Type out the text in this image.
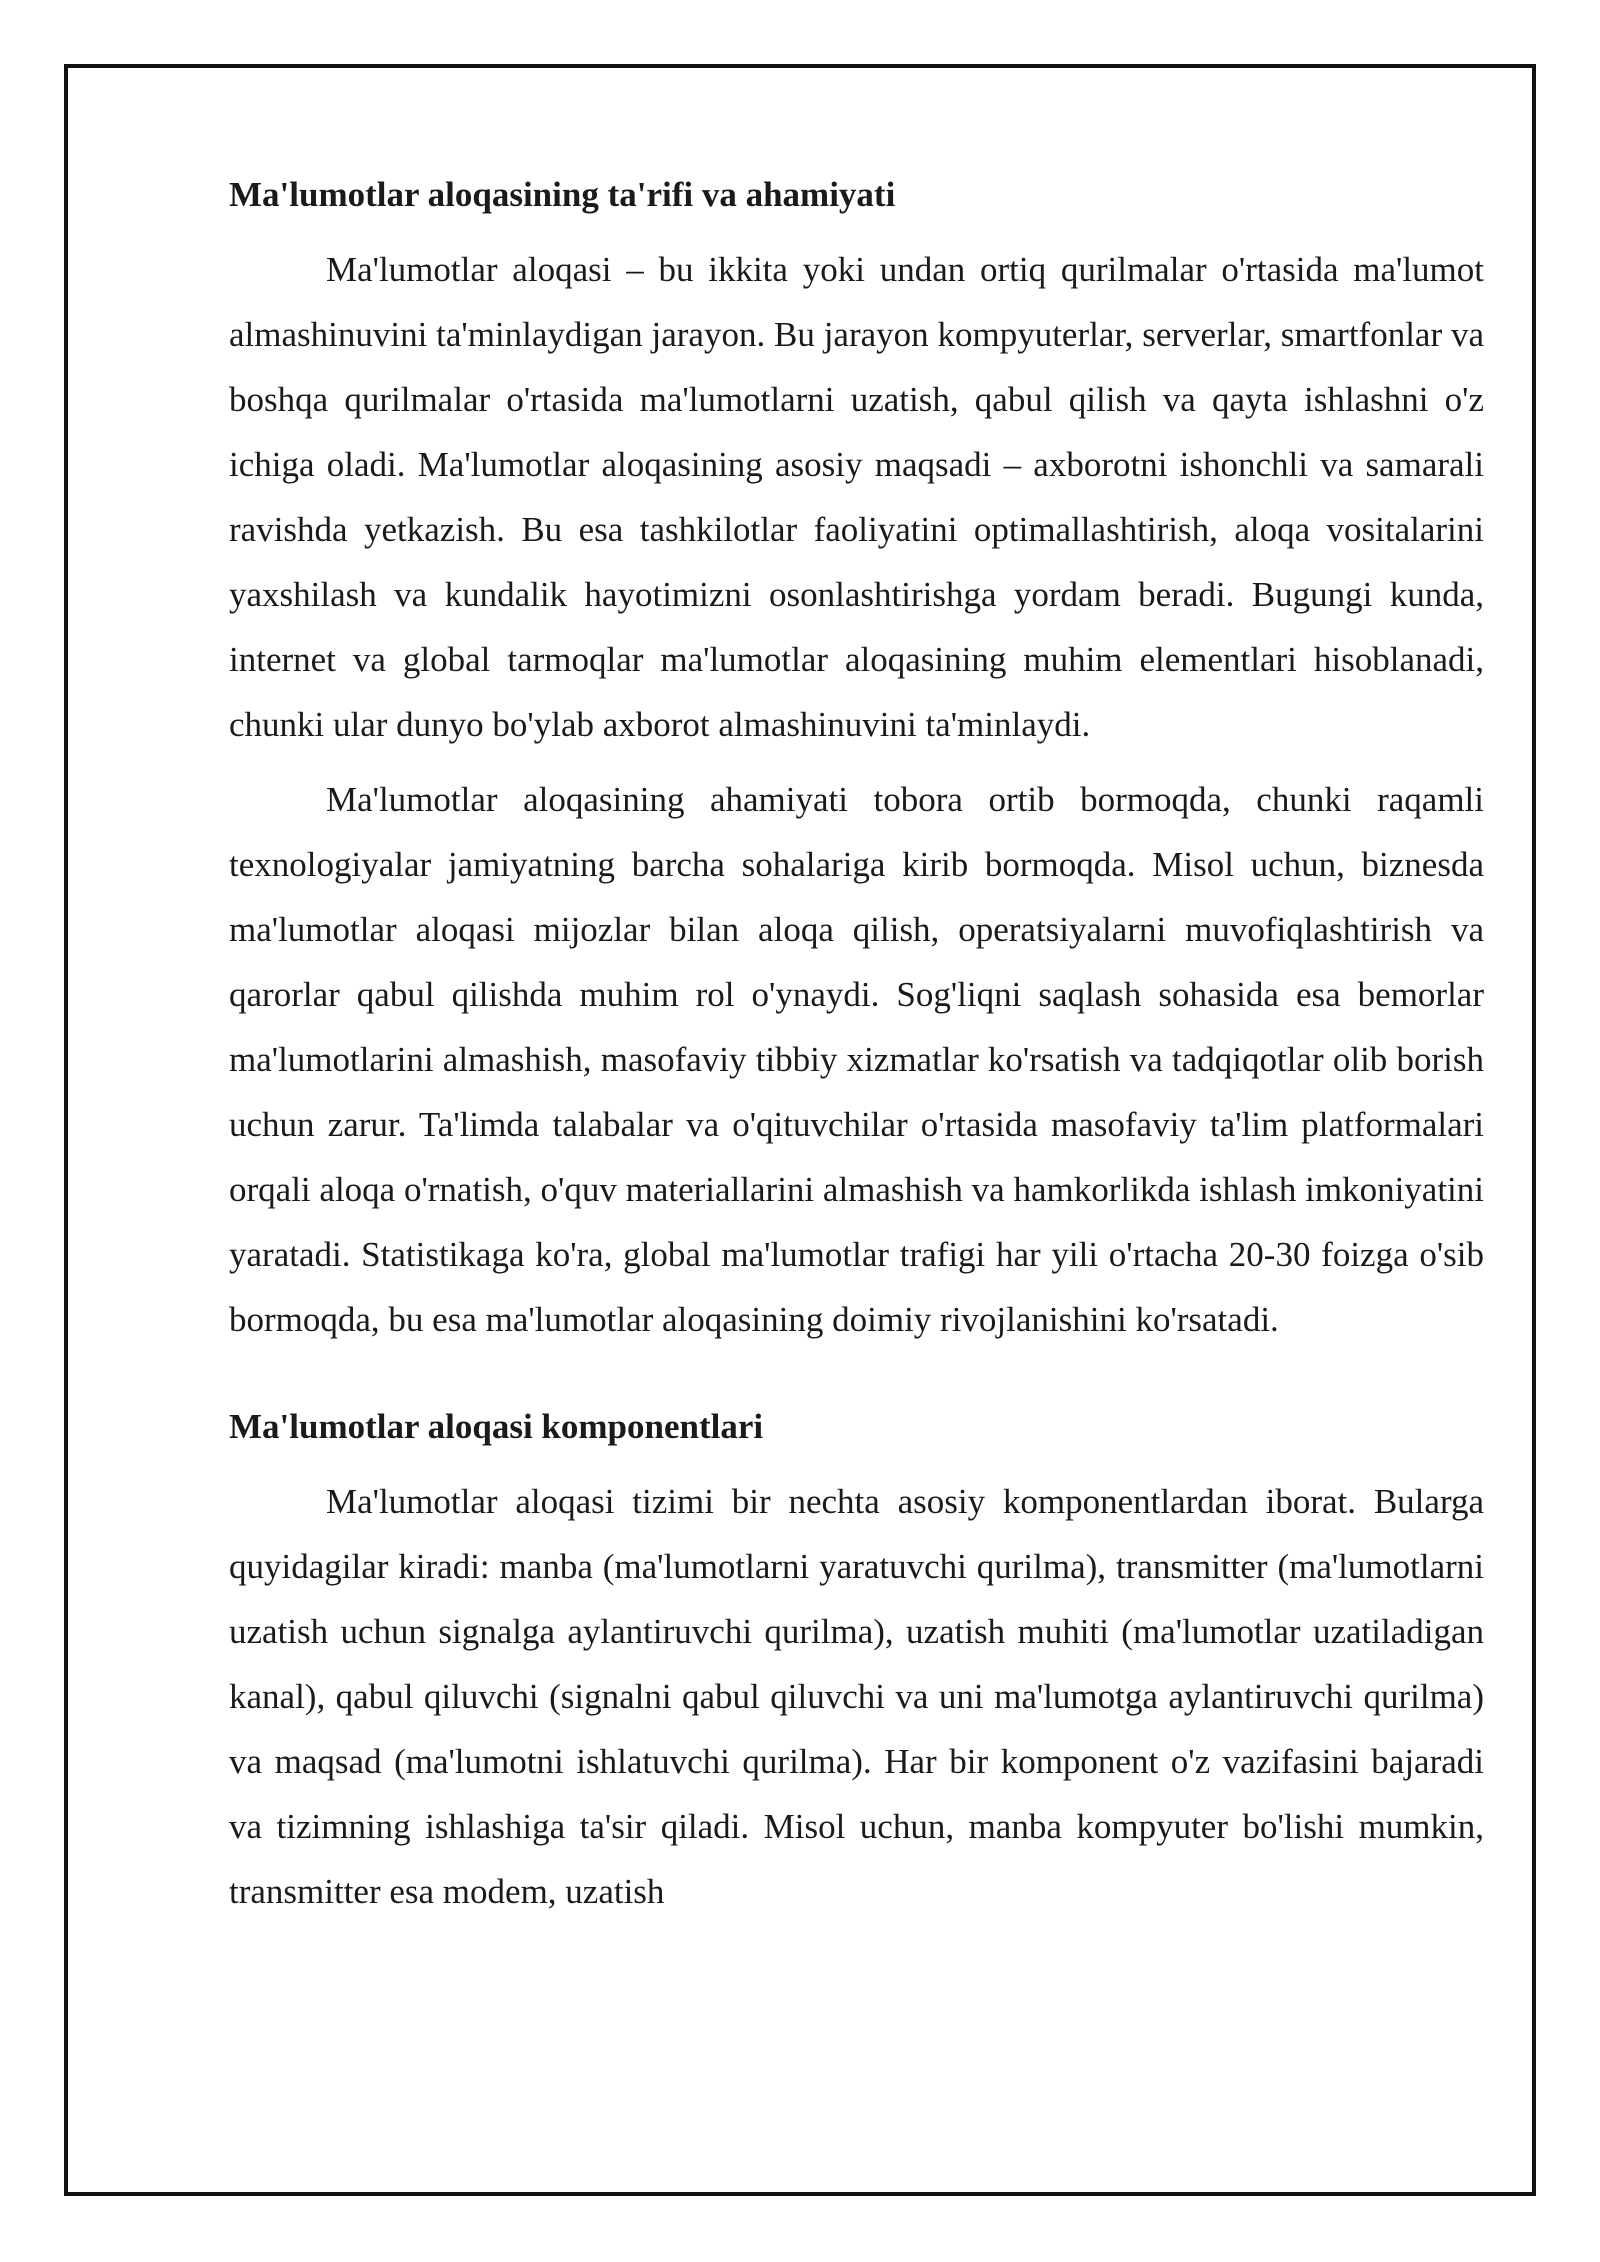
Ma'lumotlar aloqasining ta'rifi va ahamiyati

Ma'lumotlar aloqasi – bu ikkita yoki undan ortiq qurilmalar o'rtasida ma'lumot almashinuvini ta'minlaydigan jarayon. Bu jarayon kompyuterlar, serverlar, smartfonlar va boshqa qurilmalar o'rtasida ma'lumotlarni uzatish, qabul qilish va qayta ishlashni o'z ichiga oladi. Ma'lumotlar aloqasining asosiy maqsadi – axborotni ishonchli va samarali ravishda yetkazish. Bu esa tashkilotlar faoliyatini optimallashtirish, aloqa vositalarini yaxshilash va kundalik hayotimizni osonlashtirishga yordam beradi. Bugungi kunda, internet va global tarmoqlar ma'lumotlar aloqasining muhim elementlari hisoblanadi, chunki ular dunyo bo'ylab axborot almashinuvini ta'minlaydi.

Ma'lumotlar aloqasining ahamiyati tobora ortib bormoqda, chunki raqamli texnologiyalar jamiyatning barcha sohalariga kirib bormoqda. Misol uchun, biznesda ma'lumotlar aloqasi mijozlar bilan aloqa qilish, operatsiyalarni muvofiqlashtirish va qarorlar qabul qilishda muhim rol o'ynaydi. Sog'liqni saqlash sohasida esa bemorlar ma'lumotlarini almashish, masofaviy tibbiy xizmatlar ko'rsatish va tadqiqotlar olib borish uchun zarur. Ta'limda talabalar va o'qituvchilar o'rtasida masofaviy ta'lim platformalari orqali aloqa o'rnatish, o'quv materiallarini almashish va hamkorlikda ishlash imkoniyatini yaratadi. Statistikaga ko'ra, global ma'lumotlar trafigi har yili o'rtacha 20-30 foizga o'sib bormoqda, bu esa ma'lumotlar aloqasining doimiy rivojlanishini ko'rsatadi.

Ma'lumotlar aloqasi komponentlari

Ma'lumotlar aloqasi tizimi bir nechta asosiy komponentlardan iborat. Bularga quyidagilar kiradi: manba (ma'lumotlarni yaratuvchi qurilma), transmitter (ma'lumotlarni uzatish uchun signalga aylantiruvchi qurilma), uzatish muhiti (ma'lumotlar uzatiladigan kanal), qabul qiluvchi (signalni qabul qiluvchi va uni ma'lumotga aylantiruvchi qurilma) va maqsad (ma'lumotni ishlatuvchi qurilma). Har bir komponent o'z vazifasini bajaradi va tizimning ishlashiga ta'sir qiladi. Misol uchun, manba kompyuter bo'lishi mumkin, transmitter esa modem, uzatish
